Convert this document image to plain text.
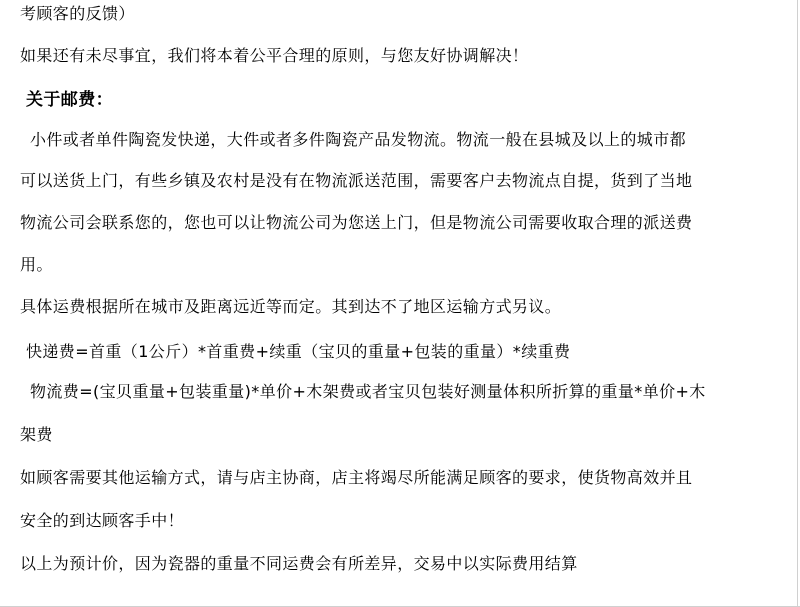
考顾客的反馈）
如果还有未尽事宜，我们将本着公平合理的原则，与您友好协调解决！
关于邮费：
小件或者单件陶瓷发快递，大件或者多件陶瓷产品发物流。物流一般在县城及以上的城市都
可以送货上门，有些乡镇及农村是没有在物流派送范围，需要客户去物流点自提，货到了当地
物流公司会联系您的，您也可以让物流公司为您送上门，但是物流公司需要收取合理的派送费
用。
具体运费根据所在城市及距离远近等而定。其到达不了地区运输方式另议。
快递费=首重（1公斤）*首重费+续重（宝贝的重量+包装的重量）*续重费
物流费=(宝贝重量+包装重量)*单价+木架费或者宝贝包装好测量体积所折算的重量*单价+木
架费
如顾客需要其他运输方式，请与店主协商，店主将竭尽所能满足顾客的要求，使货物高效并且
安全的到达顾客手中！
以上为预计价，因为瓷器的重量不同运费会有所差异，交易中以实际费用结算
